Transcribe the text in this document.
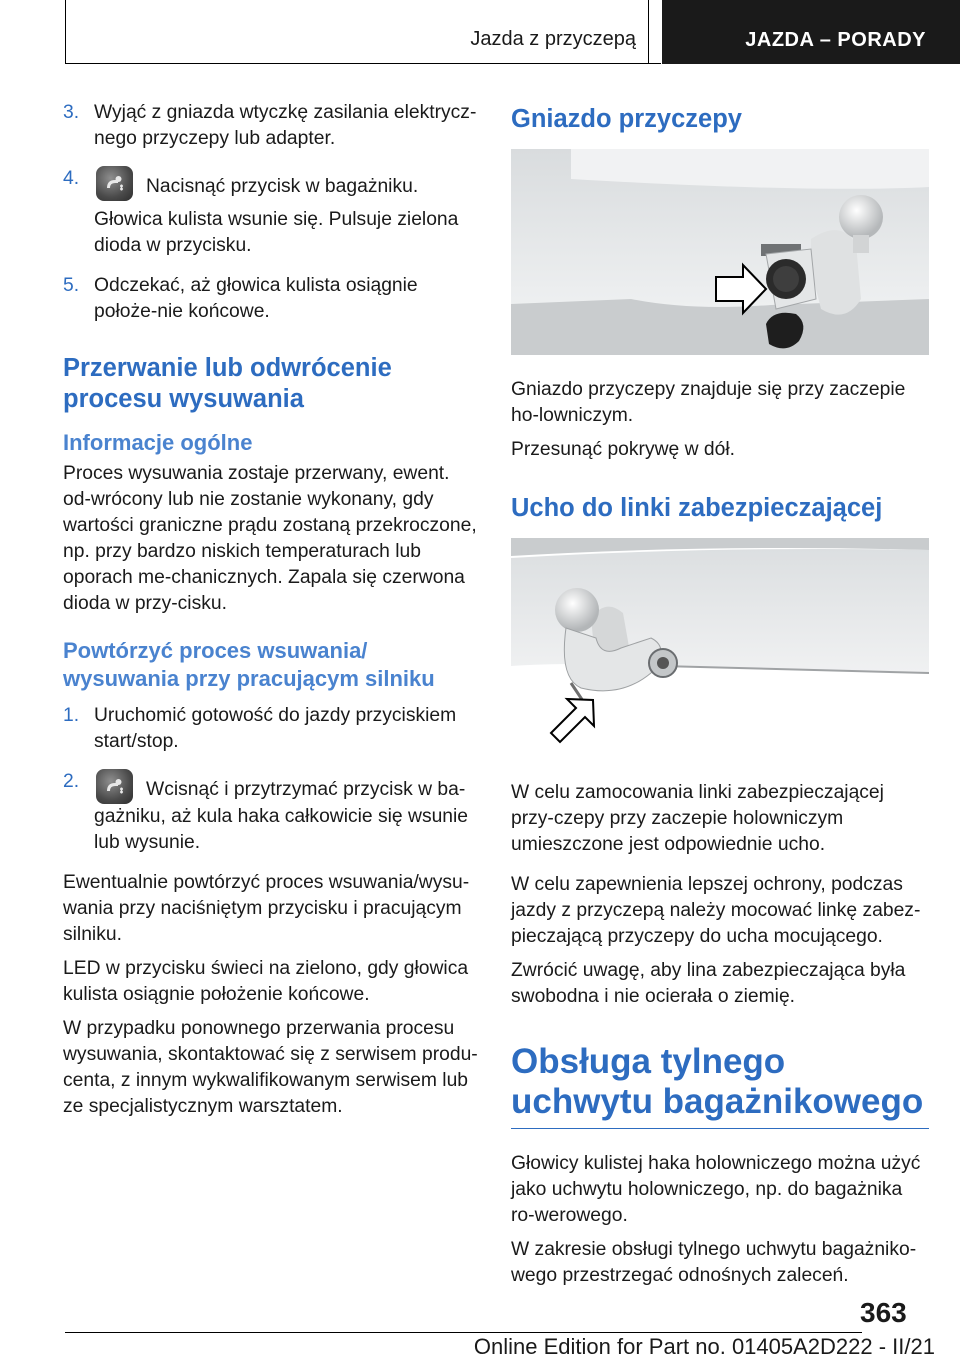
Jazda z przyczepą	JAZDA – PORADY
3. Wyjąć z gniazda wtyczkę zasilania elektrycz-nego przyczepy lub adapter.
4.	Nacisnąć przycisk w bagażniku.
Głowica kulista wsunie się. Pulsuje zielona dioda w przycisku.
5. Odczekać, aż głowica kulista osiągnie położe-nie końcowe.
Przerwanie lub odwrócenie procesu wysuwania
Informacje ogólne

Proces wysuwania zostaje przerwany, ewent. od-wrócony lub nie zostanie wykonany, gdy wartości graniczne prądu zostaną przekroczone, np. przy bardzo niskich temperaturach lub oporach me-chanicznych. Zapala się czerwona dioda w przy-cisku.

Powtórzyć proces wsuwania/ wysuwania przy pracującym silniku
1. Uruchomić gotowość do jazdy przyciskiem start/stop.
2.	Wcisnąć i przytrzymać przycisk w ba-gażniku, aż kula haka całkowicie się wsunie lub wysunie.

Ewentualnie powtórzyć proces wsuwania/wysu-wania przy naciśniętym przycisku i pracującym silniku.

LED w przycisku świeci na zielono, gdy głowica kulista osiągnie położenie końcowe.

W przypadku ponownego przerwania procesu wysuwania, skontaktować się z serwisem produ-centa, z innym wykwalifikowanym serwisem lub ze specjalistycznym warsztatem.

Gniazdo przyczepy

Gniazdo przyczepy znajduje się przy zaczepie ho-lowniczym.

Przesunąć pokrywę w dół.

Ucho do linki zabezpieczającej

W celu zamocowania linki zabezpieczającej przy-czepy przy zaczepie holowniczym umieszczone jest odpowiednie ucho.

W celu zapewnienia lepszej ochrony, podczas jazdy z przyczepą należy mocować linkę zabez-pieczającą przyczepy do ucha mocującego.

Zwrócić uwagę, aby lina zabezpieczająca była swobodna i nie ocierała o ziemię.

Obsługa tylnego uchwytu bagażnikowego

Głowicy kulistej haka holowniczego można użyć jako uchwytu holowniczego, np. do bagażnika ro-werowego.

W zakresie obsługi tylnego uchwytu bagażniko-wego przestrzegać odnośnych zaleceń.

363
Online Edition for Part no. 01405A2D222 - II/21
